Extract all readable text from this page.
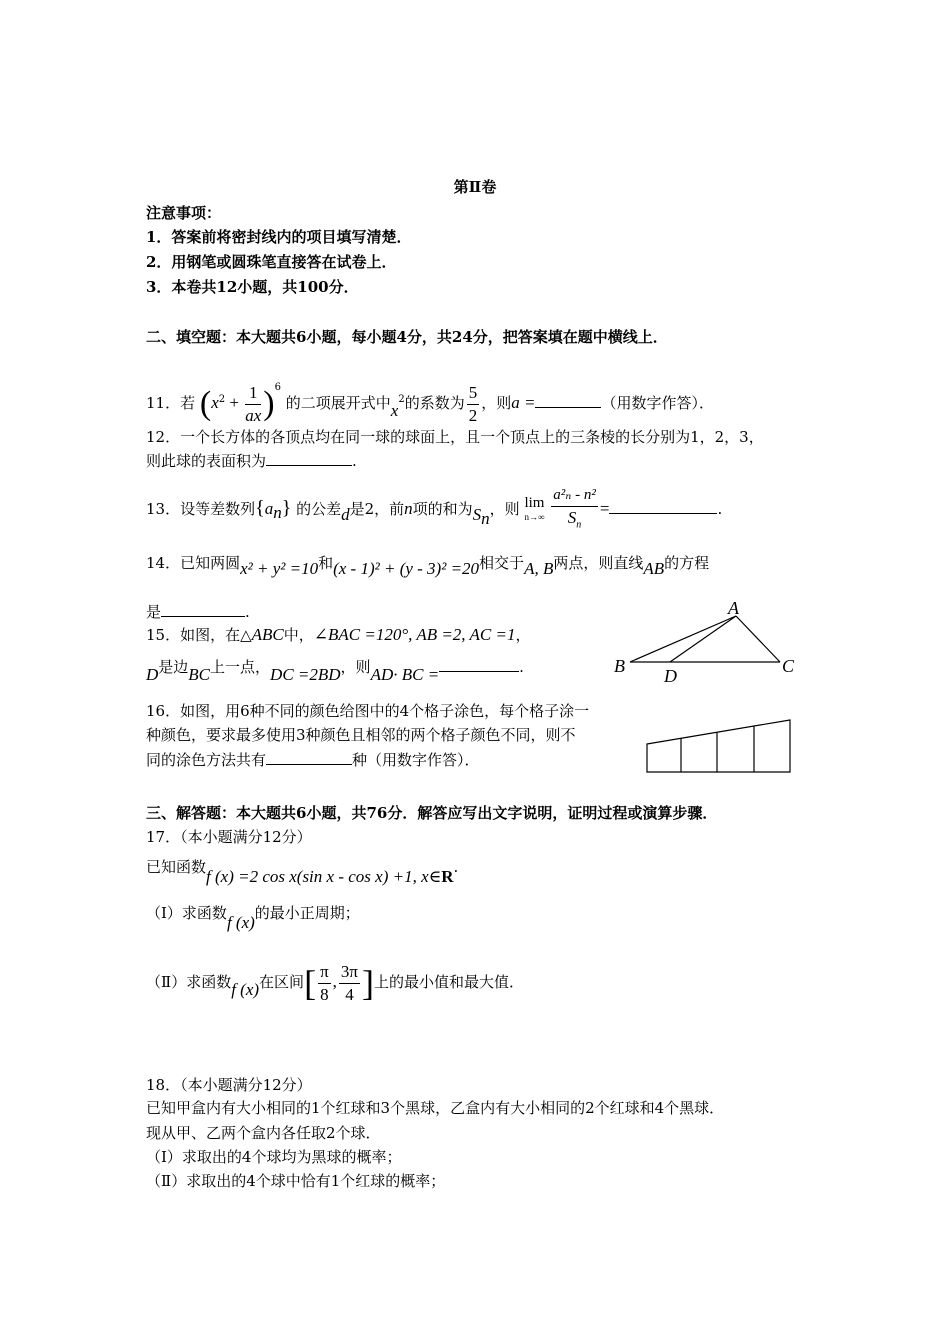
第Ⅱ卷
注意事项：
1．答案前将密封线内的项目填写清楚．
2．用钢笔或圆珠笔直接答在试卷上．
3．本卷共12小题，共100分．
二、填空题：本大题共6小题，每小题4分，共24分，把答案填在题中横线上．
11．若 $(x^2 + \frac{1}{ax} )^6$ 的二项展开式中$x^2$的系数为 $\frac{5}{2}$ ，则a =	（用数字作答）．
12．一个长方体的各顶点均在同一球的球面上，且一个顶点上的三条棱的长分别为1，2，3，
则此球的表面积为	.
13．设等差数列$\{a_n\}$ 的公差d是2，前n项的和为$S_n$，则 lim
n→∞
$\frac{\text{a²ₙ - n²}}{S_n}$ =	.
14．已知两圆x² + y² =10和(x - 1)² + (y - 3)² =20相交于A, B两点，则直线AB的方程
是	.
15．如图，在△ABC中，∠BAC =120°, AB =2, AC =1，
D是边BC上一点，DC =2BD，则AD· BC =	.
A
B	C
D
16．如图，用6种不同的颜色给图中的4个格子涂色，每个格子涂一
种颜色，要求最多使用3种颜色且相邻的两个格子颜色不同，则不
同的涂色方法共有	种（用数字作答）．
三、解答题：本大题共6小题，共76分．解答应写出文字说明，证明过程或演算步骤．
17．（本小题满分12分）
已知函数f (x) =2 cos x(sin x - cos x) +1, x∈R.
（Ⅰ）求函数f (x)的最小正周期；
（Ⅱ）求函数f (x)在区间[ $\frac{\pi}{8}$ , $\frac{3\pi}{4}$ ]上的最小值和最大值．
18．（本小题满分12分）
已知甲盒内有大小相同的1个红球和3个黑球，乙盒内有大小相同的2个红球和4个黑球．
现从甲、乙两个盒内各任取2个球．
（Ⅰ）求取出的4个球均为黑球的概率；
（Ⅱ）求取出的4个球中恰有1个红球的概率；
